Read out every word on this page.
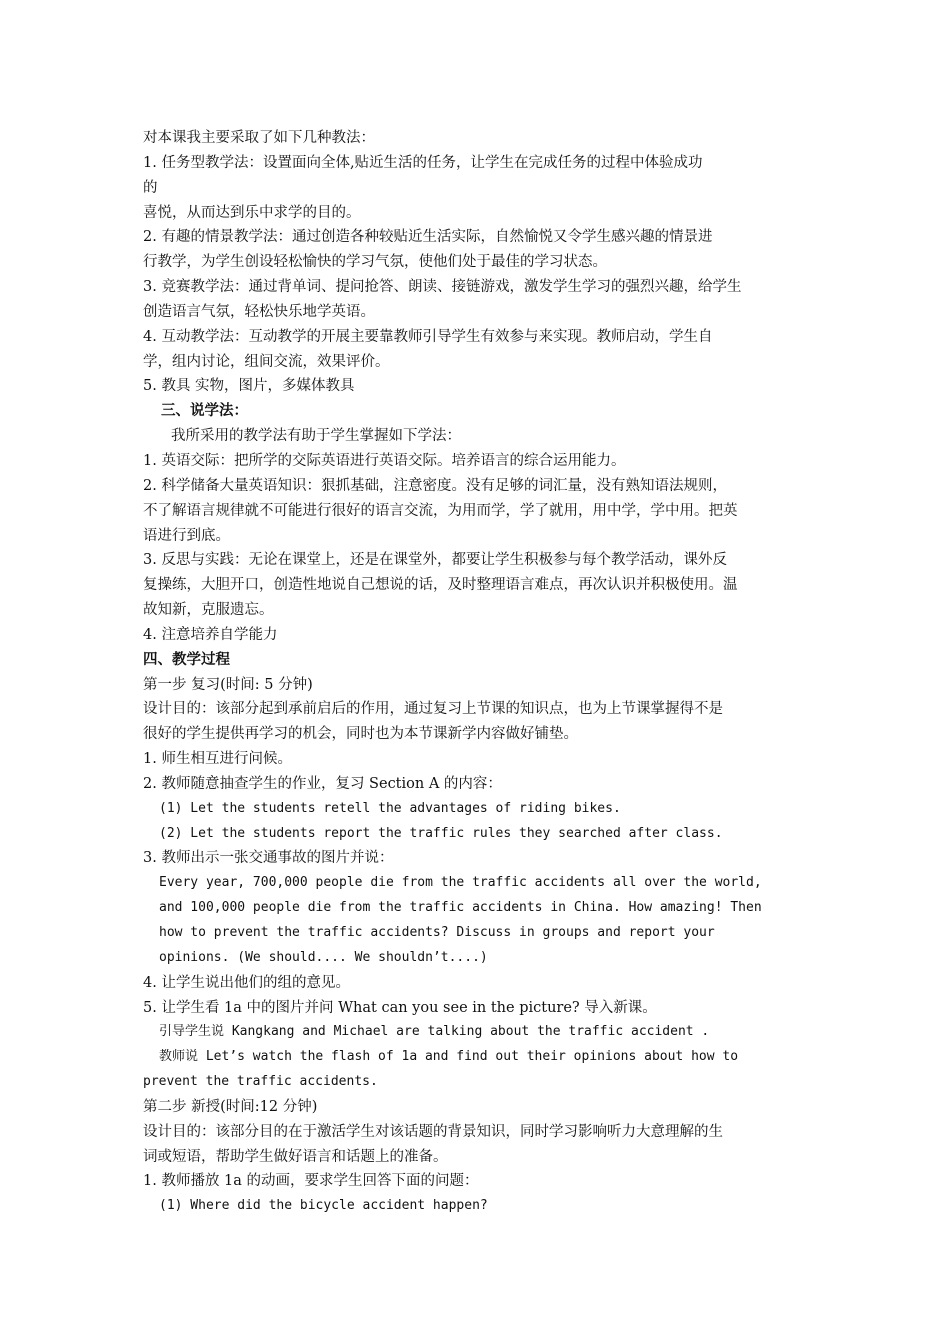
对本课我主要采取了如下几种教法：
1. 任务型教学法：设置面向全体,贴近生活的任务，让学生在完成任务的过程中体验成功
的
喜悦，从而达到乐中求学的目的。
2. 有趣的情景教学法：通过创造各种较贴近生活实际，自然愉悦又令学生感兴趣的情景进
行教学，为学生创设轻松愉快的学习气氛，使他们处于最佳的学习状态。
3. 竞赛教学法：通过背单词、提问抢答、朗读、接链游戏，激发学生学习的强烈兴趣，给学生
创造语言气氛，轻松快乐地学英语。
4. 互动教学法：互动教学的开展主要靠教师引导学生有效参与来实现。教师启动，学生自
学，组内讨论，组间交流，效果评价。
5. 教具 实物，图片，多媒体教具
三、说学法：
我所采用的教学法有助于学生掌握如下学法：
1. 英语交际：把所学的交际英语进行英语交际。培养语言的综合运用能力。
2. 科学储备大量英语知识：狠抓基础，注意密度。没有足够的词汇量，没有熟知语法规则，
不了解语言规律就不可能进行很好的语言交流，为用而学，学了就用，用中学，学中用。把英
语进行到底。
3. 反思与实践：无论在课堂上，还是在课堂外，都要让学生积极参与每个教学活动，课外反
复操练，大胆开口，创造性地说自己想说的话，及时整理语言难点，再次认识并积极使用。温
故知新，克服遗忘。
4. 注意培养自学能力
四、教学过程
第一步 复习(时间: 5 分钟)
设计目的：该部分起到承前启后的作用，通过复习上节课的知识点，也为上节课掌握得不是
很好的学生提供再学习的机会，同时也为本节课新学内容做好铺垫。
1. 师生相互进行问候。
2. 教师随意抽查学生的作业，复习 Section A 的内容：
(1) Let the students retell the advantages of riding bikes.
(2) Let the students report the traffic rules they searched after class.
3. 教师出示一张交通事故的图片并说：
Every year, 700,000 people die from the traffic accidents all over the world,
and 100,000 people die from the traffic accidents in China. How amazing! Then
how to prevent the traffic accidents? Discuss in groups and report your
opinions. (We should.... We shouldn’t....)
4. 让学生说出他们的组的意见。
5. 让学生看 1a 中的图片并问 What can you see in the picture? 导入新课。
引导学生说 Kangkang and Michael are talking about the traffic accident .
教师说 Let’s watch the flash of 1a and find out their opinions about how to
prevent the traffic accidents.
第二步 新授(时间:12 分钟)
设计目的：该部分目的在于激活学生对该话题的背景知识，同时学习影响听力大意理解的生
词或短语，帮助学生做好语言和话题上的准备。
1. 教师播放 1a 的动画，要求学生回答下面的问题：
(1) Where did the bicycle accident happen?
